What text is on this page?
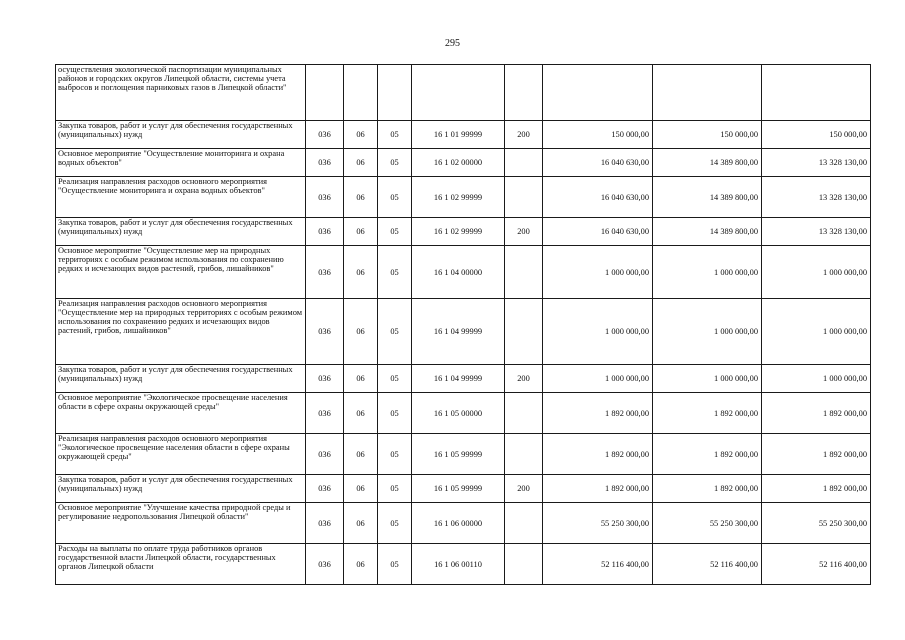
295
осуществления экологической паспортизации муниципальных районов и городских округов Липецкой области, системы учета выбросов и поглощения парниковых газов в Липецкой области"								
Закупка товаров, работ и услуг для обеспечения государственных (муниципальных) нужд	036	06	05	16 1 01 99999	200	150 000,00	150 000,00	150 000,00
Основное мероприятие "Осуществление мониторинга и охрана водных объектов"	036	06	05	16 1 02 00000		16 040 630,00	14 389 800,00	13 328 130,00
Реализация направления расходов основного мероприятия "Осуществление мониторинга и охрана водных объектов"	036	06	05	16 1 02 99999		16 040 630,00	14 389 800,00	13 328 130,00
Закупка товаров, работ и услуг для обеспечения государственных (муниципальных) нужд	036	06	05	16 1 02 99999	200	16 040 630,00	14 389 800,00	13 328 130,00
Основное мероприятие "Осуществление мер на природных территориях с особым режимом использования по сохранению редких и исчезающих видов растений, грибов, лишайников"	036	06	05	16 1 04 00000		1 000 000,00	1 000 000,00	1 000 000,00
Реализация направления расходов основного мероприятия "Осуществление мер на природных территориях с особым режимом использования по сохранению редких и исчезающих видов растений, грибов, лишайников"	036	06	05	16 1 04 99999		1 000 000,00	1 000 000,00	1 000 000,00
Закупка товаров, работ и услуг для обеспечения государственных (муниципальных) нужд	036	06	05	16 1 04 99999	200	1 000 000,00	1 000 000,00	1 000 000,00
Основное мероприятие "Экологическое просвещение населения области в сфере охраны окружающей среды"	036	06	05	16 1 05 00000		1 892 000,00	1 892 000,00	1 892 000,00
Реализация направления расходов основного мероприятия "Экологическое просвещение населения области в сфере охраны окружающей среды"	036	06	05	16 1 05 99999		1 892 000,00	1 892 000,00	1 892 000,00
Закупка товаров, работ и услуг для обеспечения государственных (муниципальных) нужд	036	06	05	16 1 05 99999	200	1 892 000,00	1 892 000,00	1 892 000,00
Основное мероприятие "Улучшение качества природной среды и регулирование недропользования Липецкой области"	036	06	05	16 1 06 00000		55 250 300,00	55 250 300,00	55 250 300,00
Расходы на выплаты по оплате труда работников органов государственной власти Липецкой области, государственных органов Липецкой области	036	06	05	16 1 06 00110		52 116 400,00	52 116 400,00	52 116 400,00
